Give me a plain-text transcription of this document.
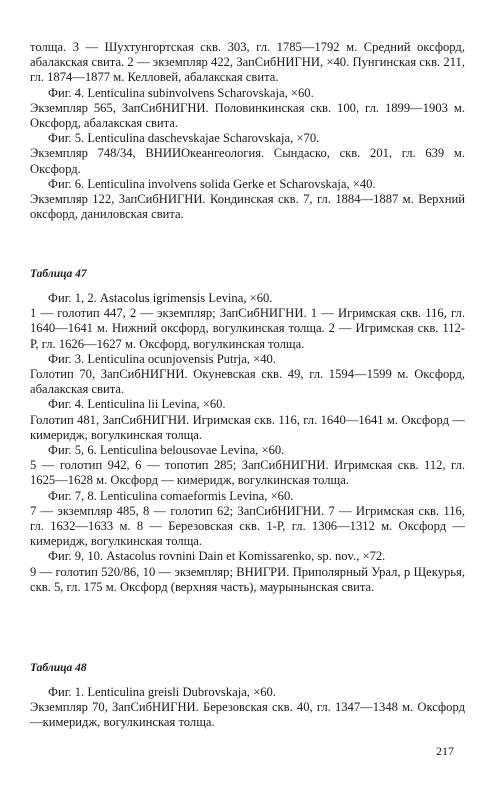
толща. 3 — Шухтунгортская скв. 303, гл. 1785—1792 м. Средний оксфорд, абалакская свита. 2 — экземпляр 422, ЗапСибНИГНИ, ×40. Пунгинская скв. 211, гл. 1874—1877 м. Келловей, абалакская свита.

Фиг. 4. Lenticulina subinvolvens Scharovskaja, ×60.

Экземпляр 565, ЗапСибНИГНИ. Половинкинская скв. 100, гл. 1899—1903 м. Оксфорд, абалакская свита.

Фиг. 5. Lenticulina daschevskajae Scharovskaja, ×70.

Экземпляр 748/34, ВНИИОкеангеология. Сындаско, скв. 201, гл. 639 м. Оксфорд.

Фиг. 6. Lenticulina involvens solida Gerke et Scharovskaja, ×40.

Экземпляр 122, ЗапСибНИГНИ. Кондинская скв. 7, гл. 1884—1887 м. Верхний оксфорд, даниловская свита.

Таблица 47

Фиг. 1, 2. Astacolus igrimensis Levina, ×60.

1 — голотип 447, 2 — экземпляр; ЗапСибНИГНИ. 1 — Игримская скв. 116, гл. 1640—1641 м. Нижний оксфорд, вогулкинская толща. 2 — Игримская скв. 112-Р, гл. 1626—1627 м. Оксфорд, вогулкинская толща.

Фиг. 3. Lenticulina ocunjovensis Putrja, ×40.

Голотип 70, ЗапСибНИГНИ. Окуневская скв. 49, гл. 1594—1599 м. Оксфорд, абалакская свита.

Фиг. 4. Lenticulina lii Levina, ×60.

Голотип 481, ЗапСибНИГНИ. Игримская скв. 116, гл. 1640—1641 м. Оксфорд — кимеридж, вогулкинская толща.

Фиг. 5, 6. Lenticulina belousovae Levina, ×60.

5 — голотип 942, 6 — топотип 285; ЗапСибНИГНИ. Игримская скв. 112, гл. 1625—1628 м. Оксфорд — кимеридж, вогулкинская толща.

Фиг. 7, 8. Lenticulina comaeformis Levina, ×60.

7 — экземпляр 485, 8 — голотип 62; ЗапСибНИГНИ. 7 — Игримская скв. 116, гл. 1632—1633 м. 8 — Березовская скв. 1-Р, гл. 1306—1312 м. Оксфорд — кимеридж, вогулкинская толща.

Фиг. 9, 10. Astacolus rovnini Dain et Komissarenko, sp. nov., ×72.

9 — голотип 520/86, 10 — экземпляр; ВНИГРИ. Приполярный Урал, р Щекурья, скв. 5, гл. 175 м. Оксфорд (верхняя часть), маурынынская свита.

Таблица 48

Фиг. 1. Lenticulina greisli Dubrovskaja, ×60.

Экземпляр 70, ЗапСибНИГНИ. Березовская скв. 40, гл. 1347—1348 м. Оксфорд—кимеридж, вогулкинская толща.

217
